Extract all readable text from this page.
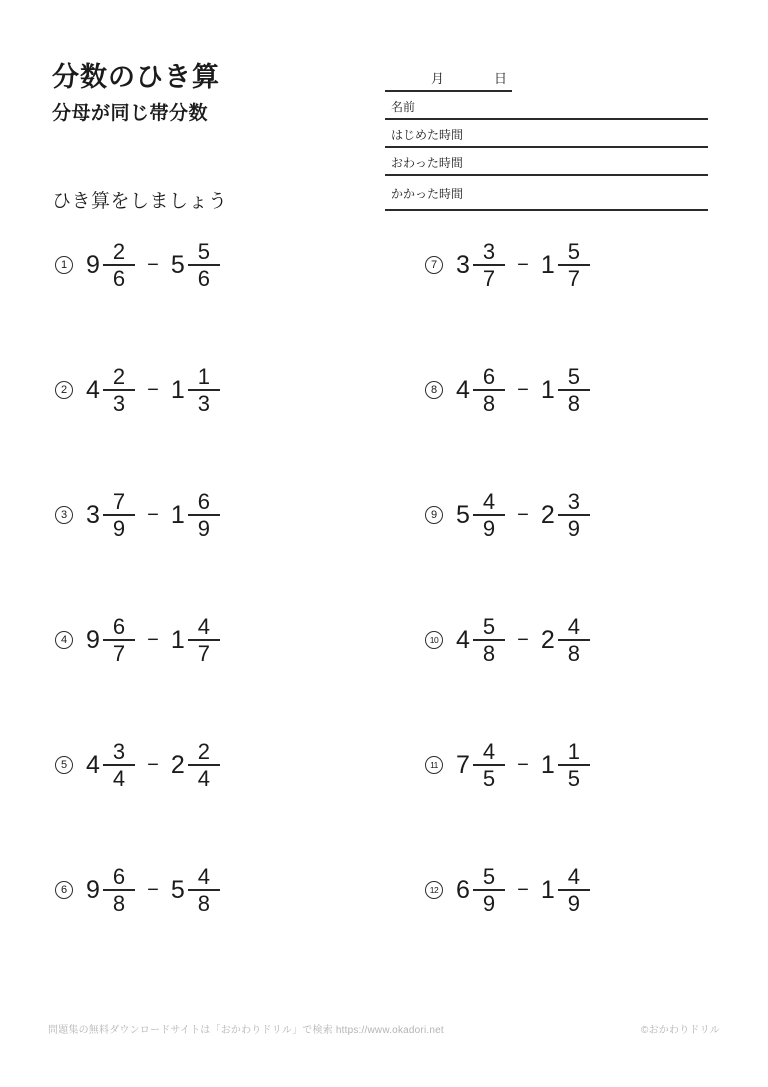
分数のひき算
分母が同じ帯分数
ひき算をしましょう
月	日
名前
はじめた時間
おわった時間
かかった時間
1 $9 \frac{2}{6} - 5 \frac{5}{6}$
2 $4 \frac{2}{3} - 1 \frac{1}{3}$
3 $3 \frac{7}{9} - 1 \frac{6}{9}$
4 $9 \frac{6}{7} - 1 \frac{4}{7}$
5 $4 \frac{3}{4} - 2 \frac{2}{4}$
6 $9 \frac{6}{8} - 5 \frac{4}{8}$
7 $3 \frac{3}{7} - 1 \frac{5}{7}$
8 $4 \frac{6}{8} - 1 \frac{5}{8}$
9 $5 \frac{4}{9} - 2 \frac{3}{9}$
10 $4 \frac{5}{8} - 2 \frac{4}{8}$
11 $7 \frac{4}{5} - 1 \frac{1}{5}$
12 $6 \frac{5}{9} - 1 \frac{4}{9}$
問題集の無料ダウンロードサイトは「おかわりドリル」で検索 https://www.okadori.net	©おかわりドリル
